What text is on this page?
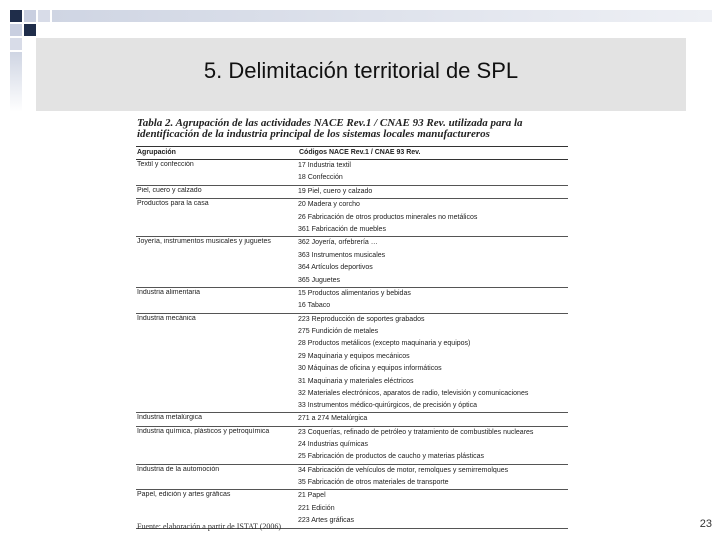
5. Delimitación territorial de SPL
Tabla 2. Agrupación de las actividades NACE Rev.1 / CNAE 93 Rev. utilizada para la identificación de la industria principal de los sistemas locales manufactureros
Agrupación	Códigos NACE Rev.1 / CNAE 93 Rev.
Textil y confección	17 Industria textil
18 Confección
Piel, cuero y calzado	19 Piel, cuero y calzado
Productos para la casa	20 Madera y corcho
26 Fabricación de otros productos minerales no metálicos
361 Fabricación de muebles
Joyería, instrumentos musicales y juguetes	362 Joyería, orfebrería …
363 Instrumentos musicales
364 Artículos deportivos
365 Juguetes
Industria alimentaria	15 Productos alimentarios y bebidas
16 Tabaco
Industria mecánica	223 Reproducción de soportes grabados
275 Fundición de metales
28 Productos metálicos (excepto maquinaria y equipos)
29 Maquinaria y equipos mecánicos
30 Máquinas de oficina y equipos informáticos
31 Maquinaria y materiales eléctricos
32 Materiales electrónicos, aparatos de radio, televisión y comunicaciones
33 Instrumentos médico-quirúrgicos, de precisión y óptica
Industria metalúrgica	271 a 274 Metalúrgica
Industria química, plásticos y petroquímica	23 Coquerías, refinado de petróleo y tratamiento de combustibles nucleares
24 Industrias químicas
25 Fabricación de productos de caucho y materias plásticas
Industria de la automoción	34 Fabricación de vehículos de motor, remolques y semirremolques
35 Fabricación de otros materiales de transporte
Papel, edición y artes gráficas	21 Papel
221 Edición
223 Artes gráficas
Fuente: elaboración a partir de ISTAT (2006)	23
